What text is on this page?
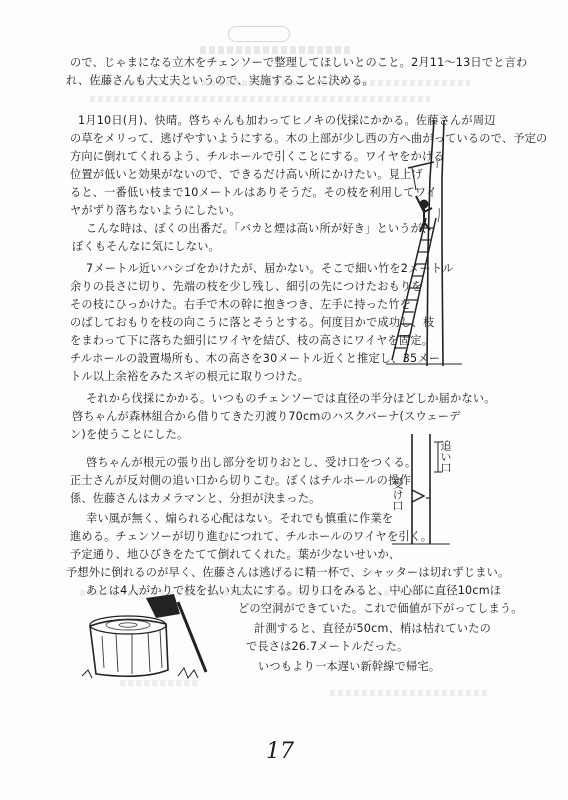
ので、じゃまになる立木をチェンソーで整理してほしいとのこと。2月11〜13日でと言わ
れ、佐藤さんも大丈夫というので、実施することに決める。
1月10日(月)、快晴。啓ちゃんも加わってヒノキの伐採にかかる。佐藤さんが周辺
の草をメリって、逃げやすいようにする。木の上部が少し西の方へ曲がっているので、予定の
方向に倒れてくれるよう、チルホールで引くことにする。ワイヤをかける
位置が低いと効果がないので、できるだけ高い所にかけたい。見上げ
ると、一番低い枝まで10メートルはありそうだ。その枝を利用してワイ
ヤがずり落ちないようにしたい。
こんな時は、ぼくの出番だ。「バカと煙は高い所が好き」というが、
ぼくもそんなに気にしない。
7メートル近いハシゴをかけたが、届かない。そこで細い竹を2メートル
余りの長さに切り、先端の枝を少し残し、細引の先につけたおもりを
その枝にひっかけた。右手で木の幹に抱きつき、左手に持った竹を
のばしておもりを枝の向こうに落とそうとする。何度目かで成功し、枝
をまわって下に落ちた細引にワイヤを結び、枝の高さにワイヤを固定。
チルホールの設置場所も、木の高さを30メートル近くと推定し、35メー
トル以上余裕をみたスギの根元に取りつけた。
それから伐採にかかる。いつものチェンソーでは直径の半分ほどしか届かない。
啓ちゃんが森林組合から借りてきた刃渡り70cmのハスクバーナ(スウェーデ
ン)を使うことにした。
啓ちゃんが根元の張り出し部分を切りおとし、受け口をつくる。
正士さんが反対側の追い口から切りこむ。ぼくはチルホールの操作
係、佐藤さんはカメラマンと、分担が決まった。
幸い風が無く、煽られる心配はない。それでも慎重に作業を
進める。チェンソーが切り進むにつれて、チルホールのワイヤを引く。
予定通り、地ひびきをたてて倒れてくれた。葉が少ないせいか、
予想外に倒れるのが早く、佐藤さんは逃げるに精一杯で、シャッターは切れずじまい。
あとは4人がかりで枝を払い丸太にする。切り口をみると、中心部に直径10cmほ
どの空洞ができていた。これで価値が下がってしまう。
計測すると、直径が50cm、梢は枯れていたの
で長さは26.7メートルだった。
いつもより一本遅い新幹線で帰宅。
追い口
受け口
17
